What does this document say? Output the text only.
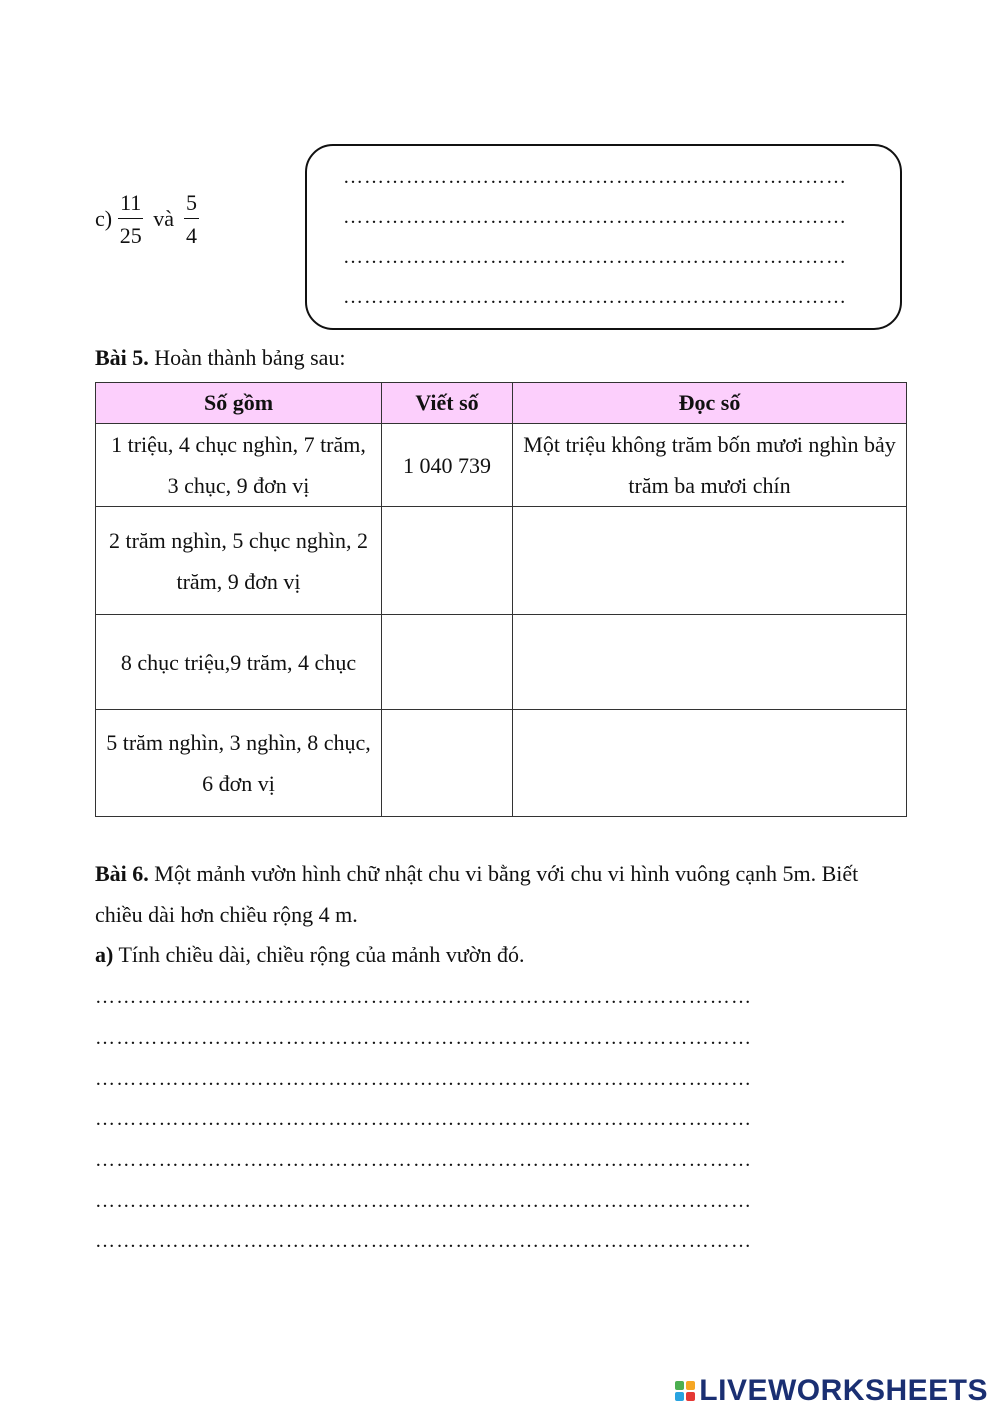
$c) \frac{11}{25}$ và $\frac{5}{4}$
………………………………………………………………
………………………………………………………………
………………………………………………………………
………………………………………………………………
Bài 5. Hoàn thành bảng sau:
Số gồm	Viết số	Đọc số
1 triệu, 4 chục nghìn, 7 trăm, 3 chục, 9 đơn vị	1 040 739	Một triệu không trăm bốn mươi nghìn bảy trăm ba mươi chín
2 trăm nghìn, 5 chục nghìn, 2 trăm, 9 đơn vị		
8 chục triệu,9 trăm, 4 chục		
5 trăm nghìn, 3 nghìn, 8 chục, 6 đơn vị		
Bài 6. Một mảnh vườn hình chữ nhật chu vi bằng với chu vi hình vuông cạnh 5m. Biết
chiều dài hơn chiều rộng 4 m.
a) Tính chiều dài, chiều rộng của mảnh vườn đó.
…………………………………………………………………………………
…………………………………………………………………………………
…………………………………………………………………………………
…………………………………………………………………………………
…………………………………………………………………………………
…………………………………………………………………………………
…………………………………………………………………………………
LIVEWORKSHEETS
